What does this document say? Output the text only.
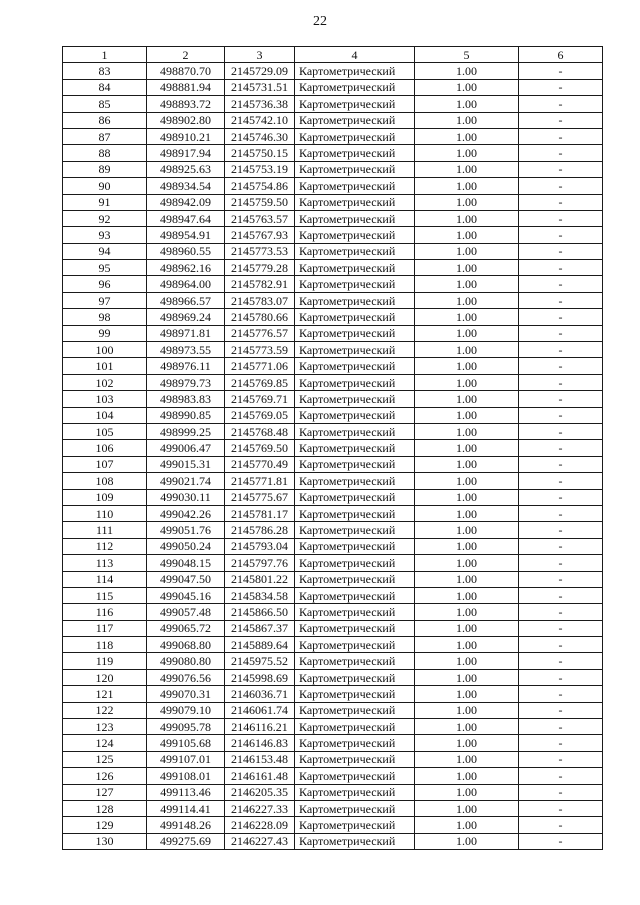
22
1	2	3	4	5	6
83	498870.70	2145729.09	Картометрический	1.00	-
84	498881.94	2145731.51	Картометрический	1.00	-
85	498893.72	2145736.38	Картометрический	1.00	-
86	498902.80	2145742.10	Картометрический	1.00	-
87	498910.21	2145746.30	Картометрический	1.00	-
88	498917.94	2145750.15	Картометрический	1.00	-
89	498925.63	2145753.19	Картометрический	1.00	-
90	498934.54	2145754.86	Картометрический	1.00	-
91	498942.09	2145759.50	Картометрический	1.00	-
92	498947.64	2145763.57	Картометрический	1.00	-
93	498954.91	2145767.93	Картометрический	1.00	-
94	498960.55	2145773.53	Картометрический	1.00	-
95	498962.16	2145779.28	Картометрический	1.00	-
96	498964.00	2145782.91	Картометрический	1.00	-
97	498966.57	2145783.07	Картометрический	1.00	-
98	498969.24	2145780.66	Картометрический	1.00	-
99	498971.81	2145776.57	Картометрический	1.00	-
100	498973.55	2145773.59	Картометрический	1.00	-
101	498976.11	2145771.06	Картометрический	1.00	-
102	498979.73	2145769.85	Картометрический	1.00	-
103	498983.83	2145769.71	Картометрический	1.00	-
104	498990.85	2145769.05	Картометрический	1.00	-
105	498999.25	2145768.48	Картометрический	1.00	-
106	499006.47	2145769.50	Картометрический	1.00	-
107	499015.31	2145770.49	Картометрический	1.00	-
108	499021.74	2145771.81	Картометрический	1.00	-
109	499030.11	2145775.67	Картометрический	1.00	-
110	499042.26	2145781.17	Картометрический	1.00	-
111	499051.76	2145786.28	Картометрический	1.00	-
112	499050.24	2145793.04	Картометрический	1.00	-
113	499048.15	2145797.76	Картометрический	1.00	-
114	499047.50	2145801.22	Картометрический	1.00	-
115	499045.16	2145834.58	Картометрический	1.00	-
116	499057.48	2145866.50	Картометрический	1.00	-
117	499065.72	2145867.37	Картометрический	1.00	-
118	499068.80	2145889.64	Картометрический	1.00	-
119	499080.80	2145975.52	Картометрический	1.00	-
120	499076.56	2145998.69	Картометрический	1.00	-
121	499070.31	2146036.71	Картометрический	1.00	-
122	499079.10	2146061.74	Картометрический	1.00	-
123	499095.78	2146116.21	Картометрический	1.00	-
124	499105.68	2146146.83	Картометрический	1.00	-
125	499107.01	2146153.48	Картометрический	1.00	-
126	499108.01	2146161.48	Картометрический	1.00	-
127	499113.46	2146205.35	Картометрический	1.00	-
128	499114.41	2146227.33	Картометрический	1.00	-
129	499148.26	2146228.09	Картометрический	1.00	-
130	499275.69	2146227.43	Картометрический	1.00	-
